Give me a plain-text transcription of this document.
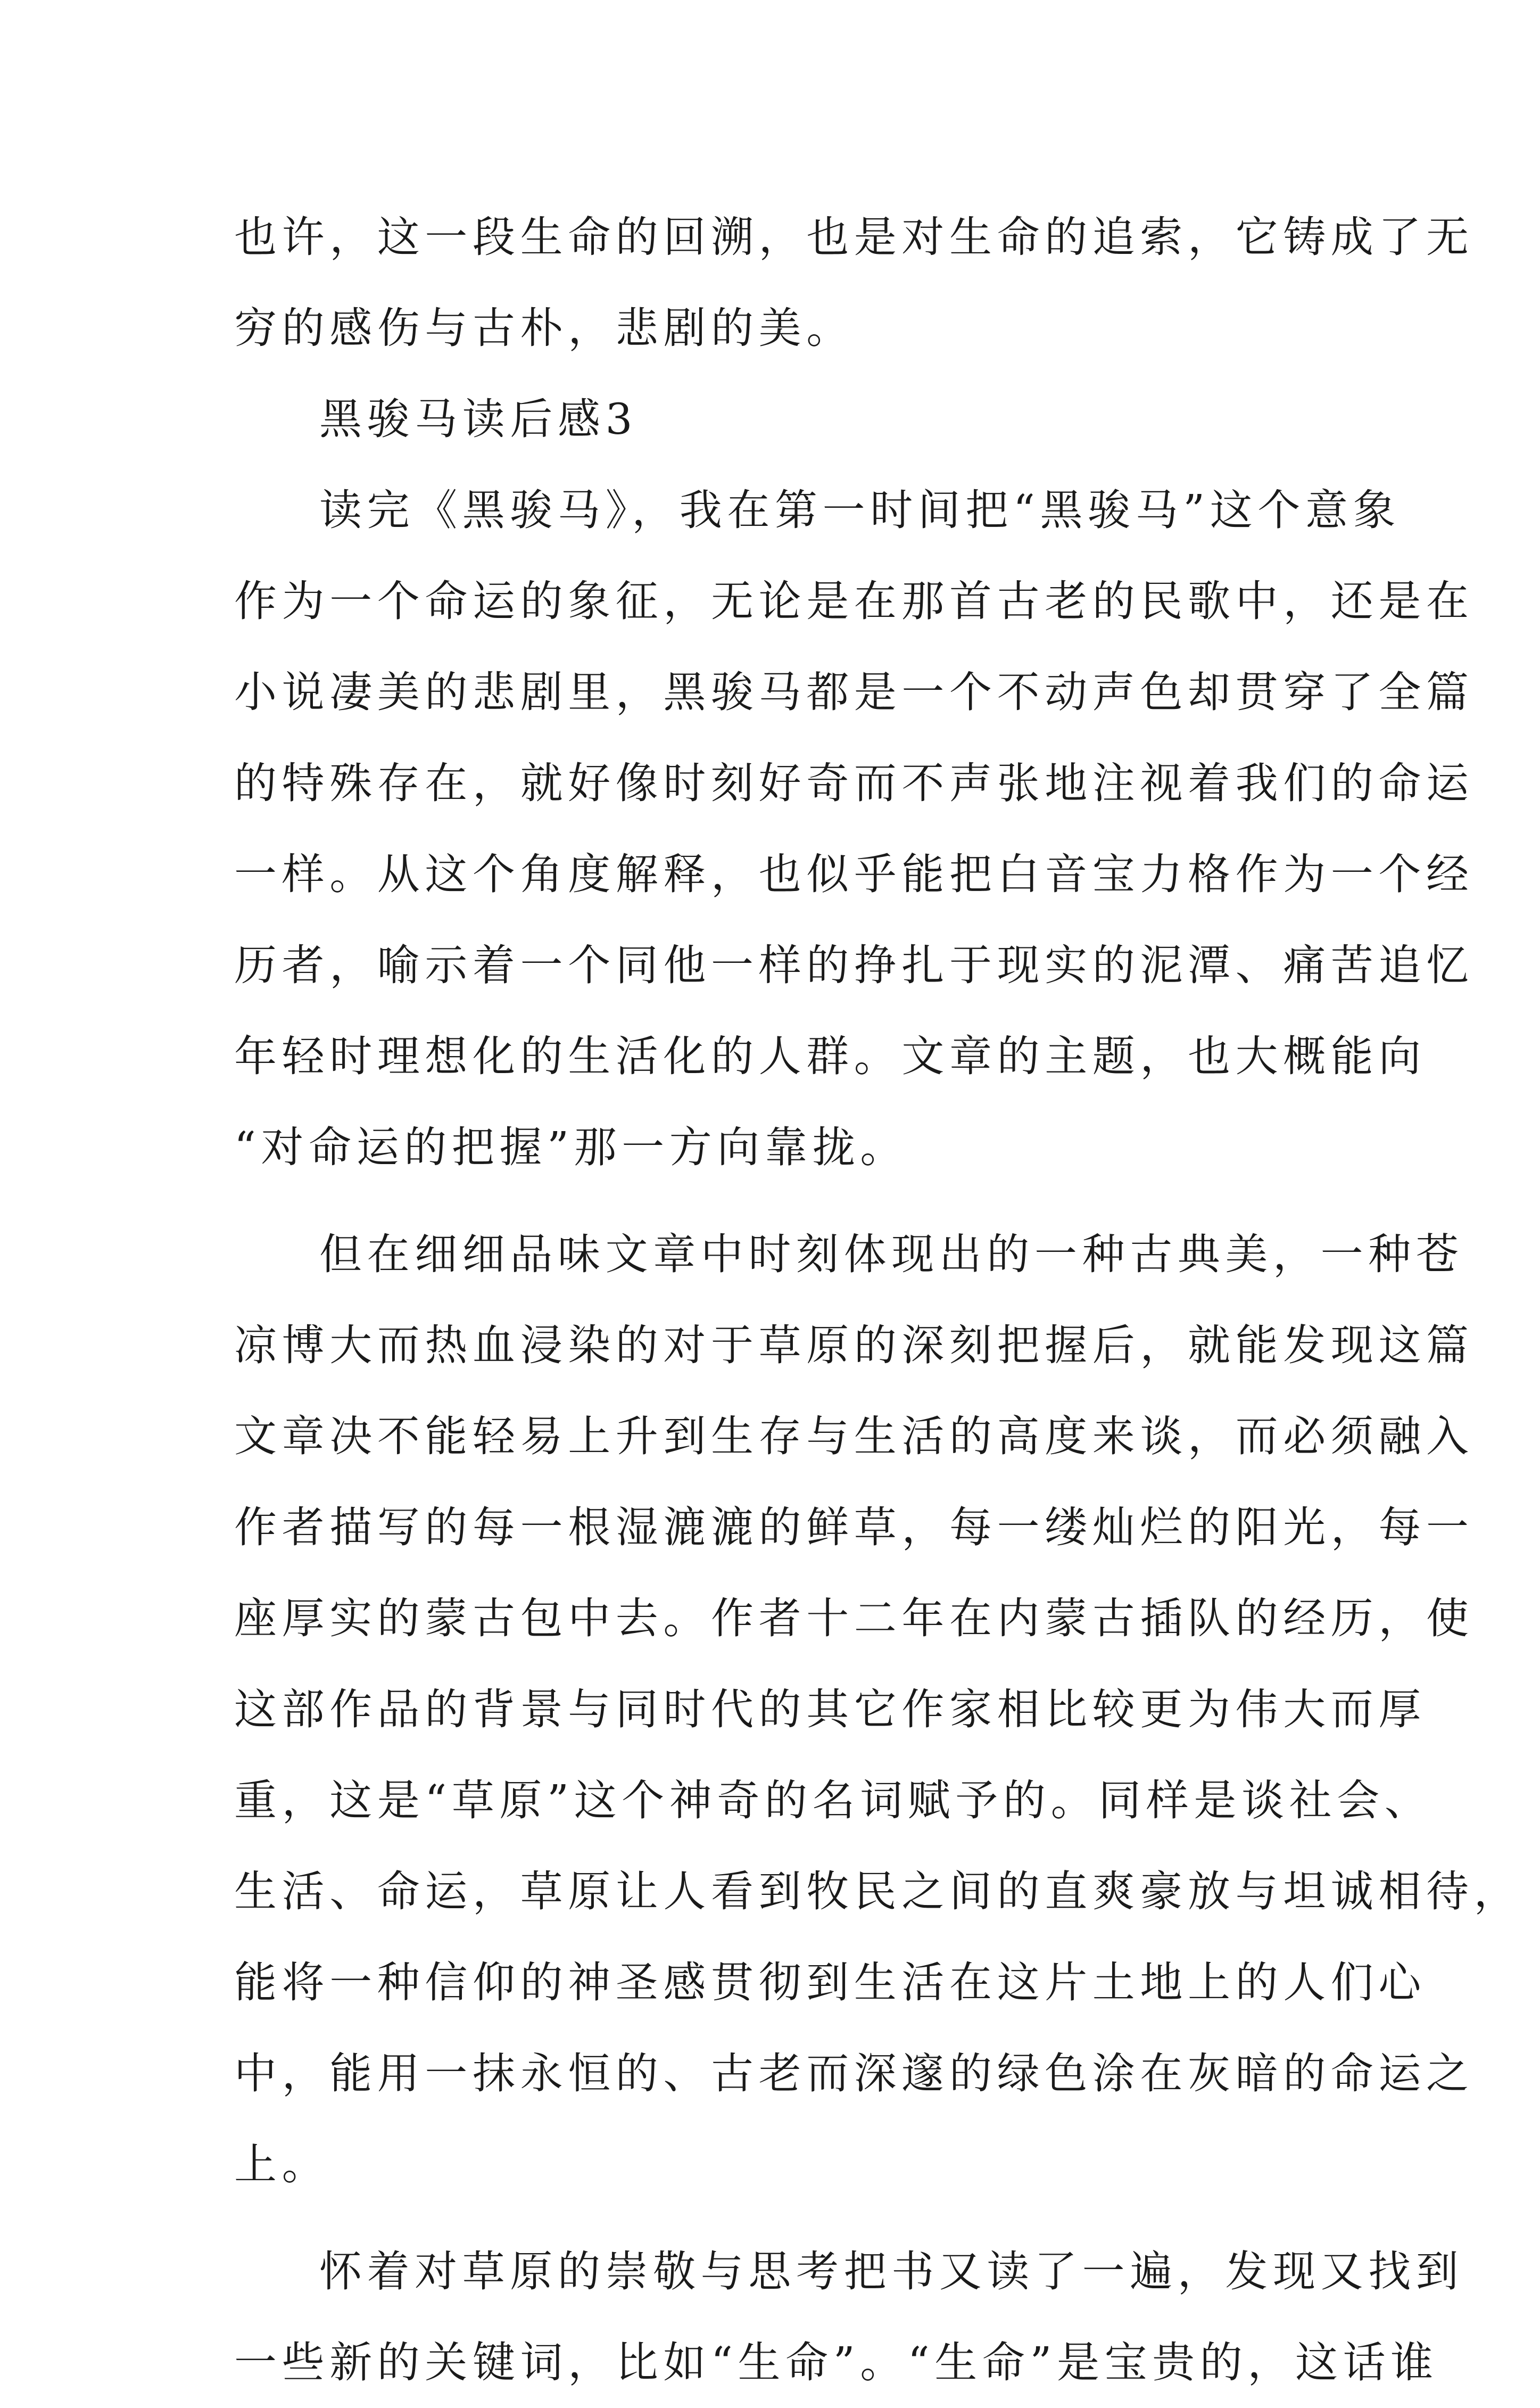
也许，这一段生命的回溯，也是对生命的追索，它铸成了无
穷的感伤与古朴，悲剧的美。
黑骏马读后感3
读完《黑骏马》，我在第一时间把“黑骏马”这个意象
作为一个命运的象征，无论是在那首古老的民歌中，还是在
小说凄美的悲剧里，黑骏马都是一个不动声色却贯穿了全篇
的特殊存在，就好像时刻好奇而不声张地注视着我们的命运
一样。从这个角度解释，也似乎能把白音宝力格作为一个经
历者，喻示着一个同他一样的挣扎于现实的泥潭、痛苦追忆
年轻时理想化的生活化的人群。文章的主题，也大概能向
“对命运的把握”那一方向靠拢。
但在细细品味文章中时刻体现出的一种古典美，一种苍
凉博大而热血浸染的对于草原的深刻把握后，就能发现这篇
文章决不能轻易上升到生存与生活的高度来谈，而必须融入
作者描写的每一根湿漉漉的鲜草，每一缕灿烂的阳光，每一
座厚实的蒙古包中去。作者十二年在内蒙古插队的经历，使
这部作品的背景与同时代的其它作家相比较更为伟大而厚
重，这是“草原”这个神奇的名词赋予的。同样是谈社会、
生活、命运，草原让人看到牧民之间的直爽豪放与坦诚相待，
能将一种信仰的神圣感贯彻到生活在这片土地上的人们心
中，能用一抹永恒的、古老而深邃的绿色涂在灰暗的命运之
上。
怀着对草原的崇敬与思考把书又读了一遍，发现又找到
一些新的关键词，比如“生命”。“生命”是宝贵的，这话谁
